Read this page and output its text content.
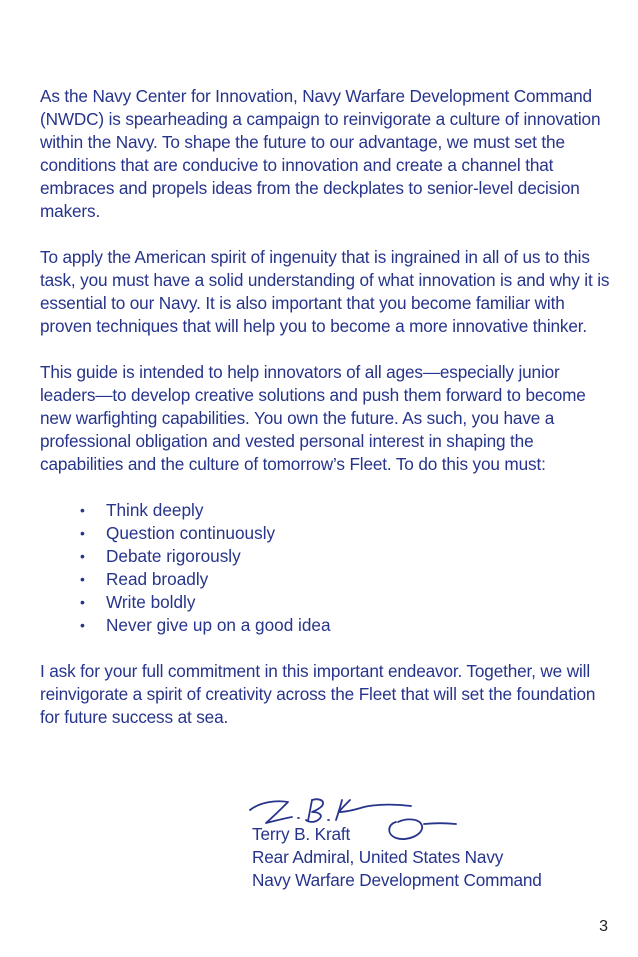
As the Navy Center for Innovation, Navy Warfare Development Command (NWDC) is spearheading a campaign to reinvigorate a culture of innovation within the Navy. To shape the future to our advantage, we must set the conditions that are conducive to innovation and create a channel that embraces and propels ideas from the deckplates to senior-level decision makers.

To apply the American spirit of ingenuity that is ingrained in all of us to this task, you must have a solid understanding of what innovation is and why it is essential to our Navy. It is also important that you become familiar with proven techniques that will help you to become a more innovative thinker.

This guide is intended to help innovators of all ages—especially junior leaders—to develop creative solutions and push them forward to become new warfighting capabilities. You own the future. As such, you have a professional obligation and vested personal interest in shaping the capabilities and the culture of tomorrow’s Fleet. To do this you must:

• Think deeply
• Question continuously
• Debate rigorously
• Read broadly
• Write boldly
• Never give up on a good idea

I ask for your full commitment in this important endeavor. Together, we will reinvigorate a spirit of creativity across the Fleet that will set the foundation for future success at sea.

Terry B. Kraft
Rear Admiral, United States Navy
Navy Warfare Development Command
3
